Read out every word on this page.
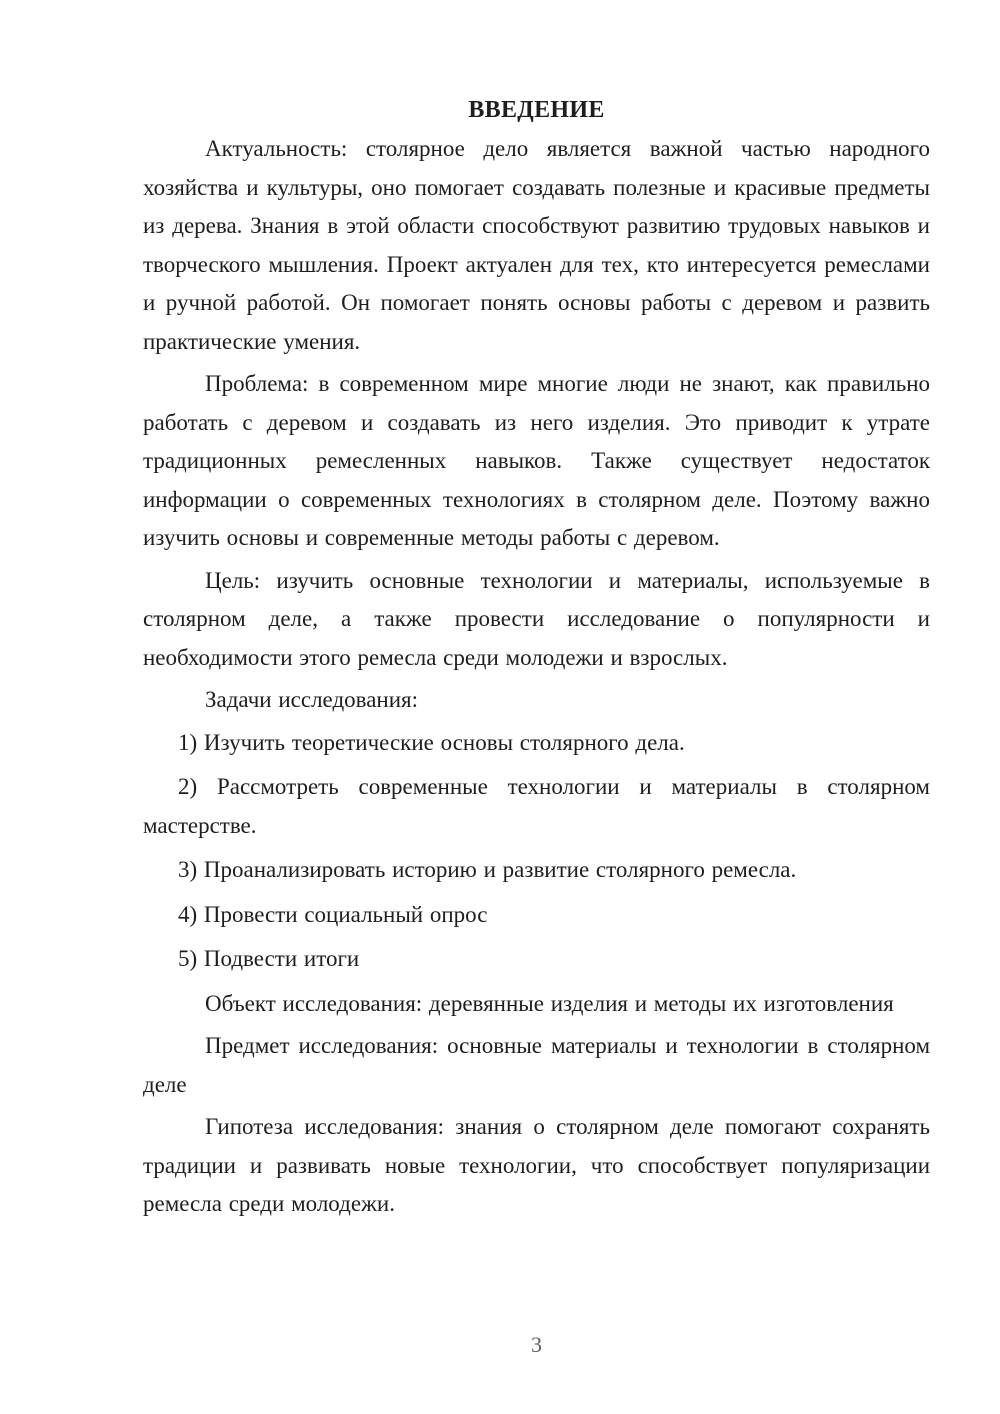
ВВЕДЕНИЕ

Актуальность: столярное дело является важной частью народного хозяйства и культуры, оно помогает создавать полезные и красивые предметы из дерева. Знания в этой области способствуют развитию трудовых навыков и творческого мышления. Проект актуален для тех, кто интересуется ремеслами и ручной работой. Он помогает понять основы работы с деревом и развить практические умения.

Проблема: в современном мире многие люди не знают, как правильно работать с деревом и создавать из него изделия. Это приводит к утрате традиционных ремесленных навыков. Также существует недостаток информации о современных технологиях в столярном деле. Поэтому важно изучить основы и современные методы работы с деревом.

Цель: изучить основные технологии и материалы, используемые в столярном деле, а также провести исследование о популярности и необходимости этого ремесла среди молодежи и взрослых.

Задачи исследования:

1) Изучить теоретические основы столярного дела.

2) Рассмотреть современные технологии и материалы в столярном мастерстве.

3) Проанализировать историю и развитие столярного ремесла.

4) Провести социальный опрос

5) Подвести итоги

Объект исследования: деревянные изделия и методы их изготовления

Предмет исследования: основные материалы и технологии в столярном деле

Гипотеза исследования: знания о столярном деле помогают сохранять традиции и развивать новые технологии, что способствует популяризации ремесла среди молодежи.

3
